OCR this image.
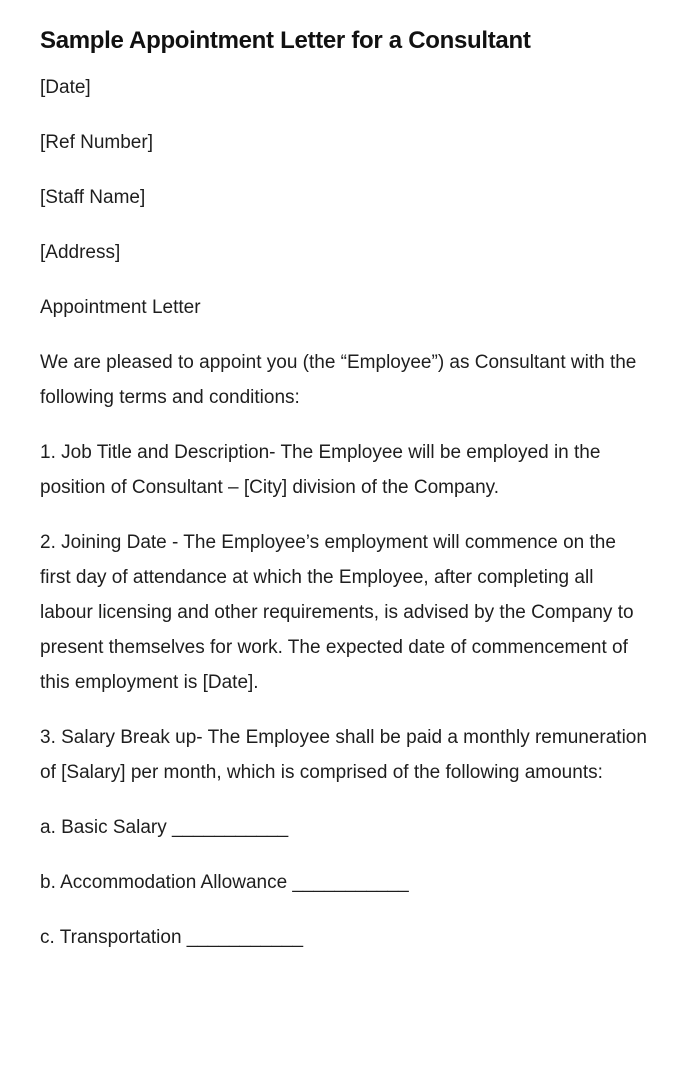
Sample Appointment Letter for a Consultant

[Date]

[Ref Number]

[Staff Name]

[Address]

Appointment Letter

We are pleased to appoint you (the “Employee”) as Consultant with the following terms and conditions:

1. Job Title and Description- The Employee will be employed in the position of Consultant – [City] division of the Company.

2. Joining Date - The Employee’s employment will commence on the first day of attendance at which the Employee, after completing all labour licensing and other requirements, is advised by the Company to present themselves for work. The expected date of commencement of this employment is [Date].

3. Salary Break up- The Employee shall be paid a monthly remuneration of [Salary] per month, which is comprised of the following amounts:

a. Basic Salary ___________

b. Accommodation Allowance ___________

c. Transportation ___________
